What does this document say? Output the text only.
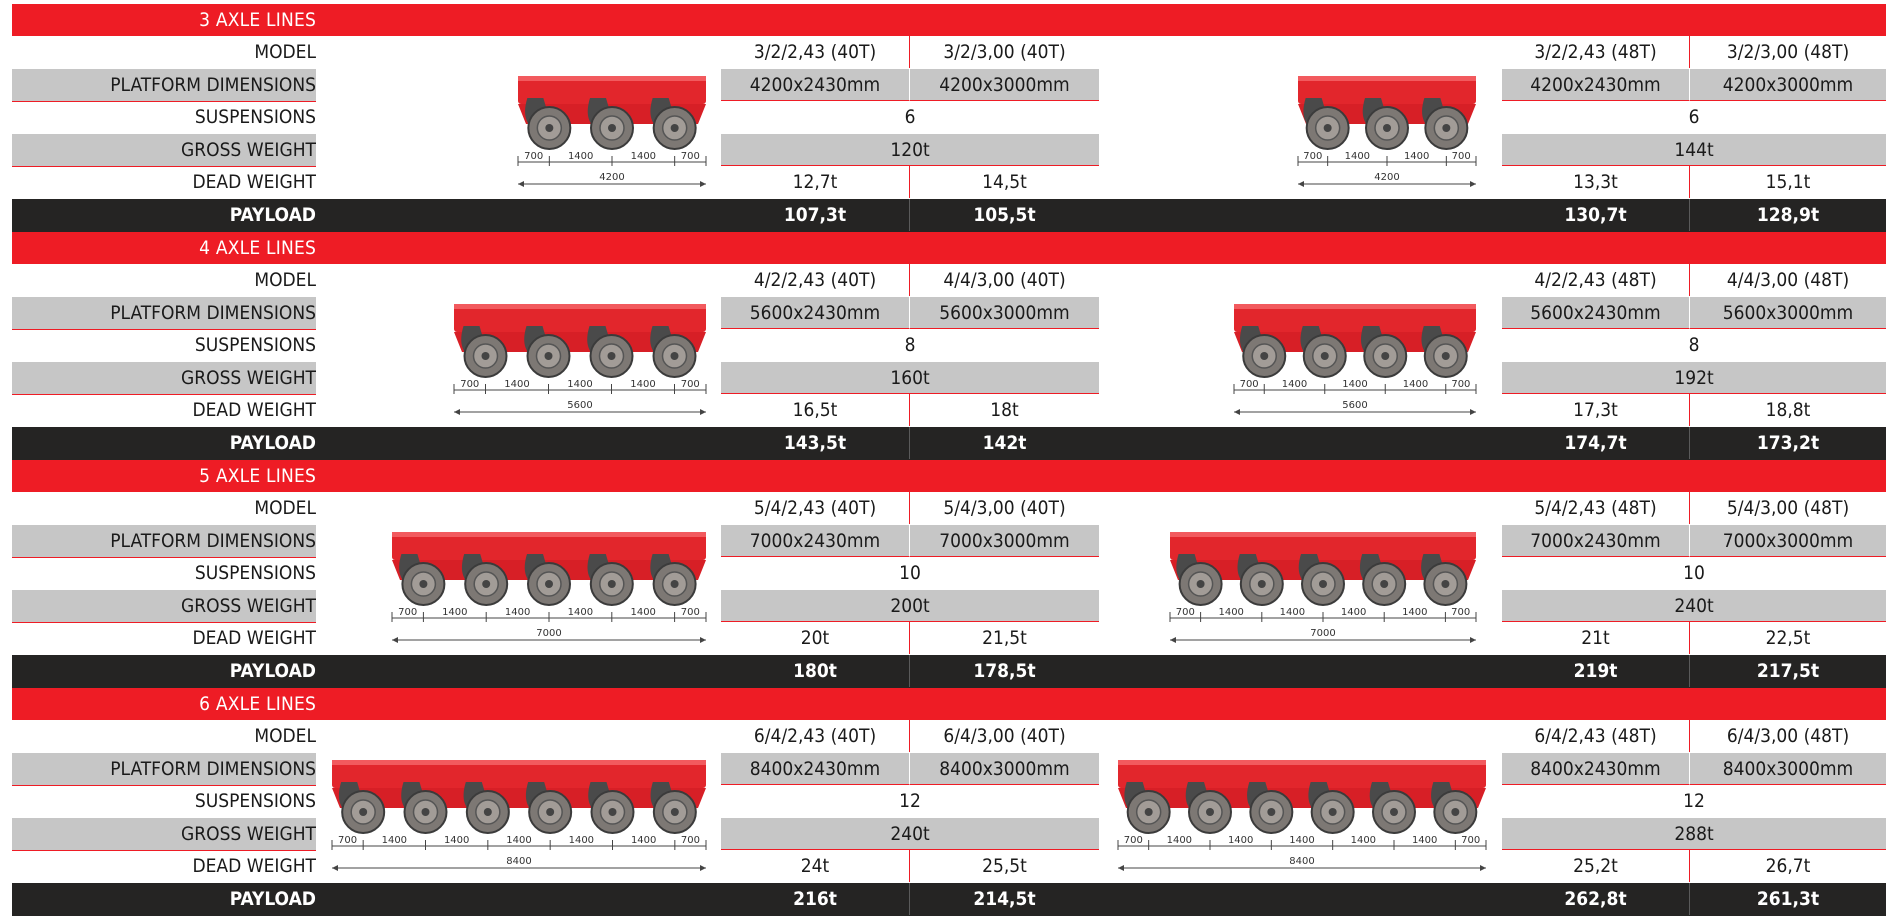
3 AXLE LINES
MODEL	3/2/2,43 (40T)	3/2/3,00 (40T)	3/2/2,43 (48T)	3/2/3,00 (48T)
PLATFORM DIMENSIONS	4200x2430mm	4200x3000mm	4200x2430mm	4200x3000mm
SUSPENSIONS	6	6
GROSS WEIGHT	120t	144t
DEAD WEIGHT	12,7t	14,5t	13,3t	15,1t
PAYLOAD	107,3t	105,5t	130,7t	128,9t
700 1400	1400 700
4200
700 1400	1400 700
4200
4 AXLE LINES
MODEL	4/2/2,43 (40T)	4/4/3,00 (40T)	4/2/2,43 (48T)	4/4/3,00 (48T)
PLATFORM DIMENSIONS	5600x2430mm	5600x3000mm	5600x2430mm	5600x3000mm
SUSPENSIONS	8	8
GROSS WEIGHT	160t	192t
DEAD WEIGHT	16,5t	18t	17,3t	18,8t
PAYLOAD	143,5t	142t	174,7t	173,2t
700 1400	1400	1400 700
5600
700 1400	1400	1400 700
5600
5 AXLE LINES
MODEL	5/4/2,43 (40T)	5/4/3,00 (40T)	5/4/2,43 (48T)	5/4/3,00 (48T)
PLATFORM DIMENSIONS	7000x2430mm	7000x3000mm	7000x2430mm	7000x3000mm
SUSPENSIONS	10	10
GROSS WEIGHT	200t	240t
DEAD WEIGHT	20t	21,5t	21t	22,5t
PAYLOAD	180t	178,5t	219t	217,5t
700 1400	1400	1400	1400 700
7000
700 1400	1400	1400	1400 700
7000
6 AXLE LINES
MODEL	6/4/2,43 (40T)	6/4/3,00 (40T)	6/4/2,43 (48T)	6/4/3,00 (48T)
PLATFORM DIMENSIONS	8400x2430mm	8400x3000mm	8400x2430mm	8400x3000mm
SUSPENSIONS	12	12
GROSS WEIGHT	240t	288t
DEAD WEIGHT	24t	25,5t	25,2t	26,7t
PAYLOAD	216t	214,5t	262,8t	261,3t
700 1400	1400	1400	1400	1400 700
8400
700 1400	1400	1400	1400	1400 700
8400
